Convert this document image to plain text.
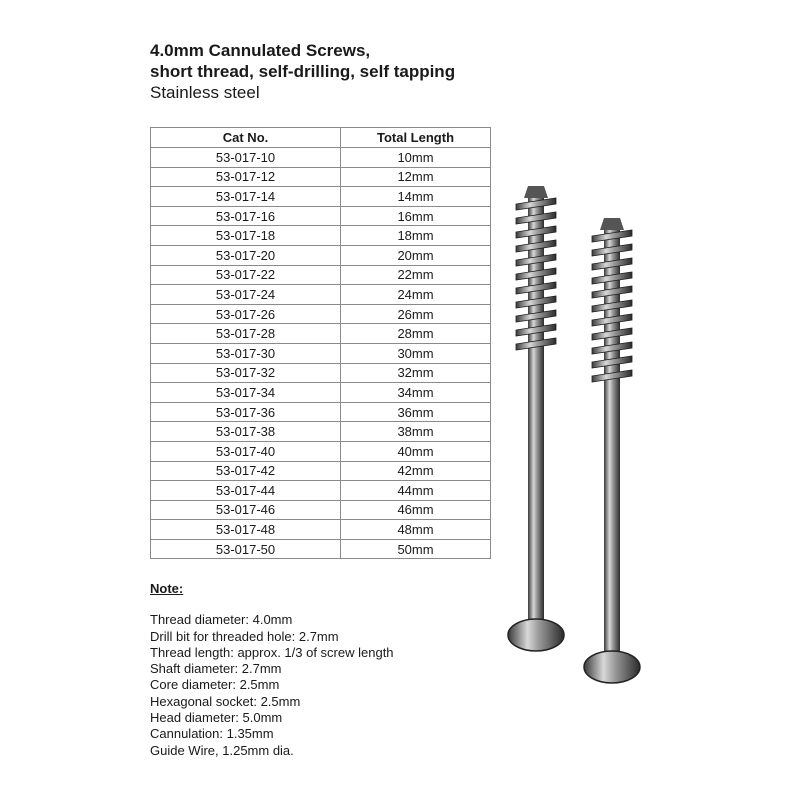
4.0mm Cannulated Screws,
short thread, self-drilling, self tapping
Stainless steel
Cat No.	Total Length
53-017-10	10mm
53-017-12	12mm
53-017-14	14mm
53-017-16	16mm
53-017-18	18mm
53-017-20	20mm
53-017-22	22mm
53-017-24	24mm
53-017-26	26mm
53-017-28	28mm
53-017-30	30mm
53-017-32	32mm
53-017-34	34mm
53-017-36	36mm
53-017-38	38mm
53-017-40	40mm
53-017-42	42mm
53-017-44	44mm
53-017-46	46mm
53-017-48	48mm
53-017-50	50mm
Note:
Thread diameter: 4.0mm
Drill bit for threaded hole: 2.7mm
Thread length: approx. 1/3 of screw length
Shaft diameter: 2.7mm
Core diameter: 2.5mm
Hexagonal socket: 2.5mm
Head diameter: 5.0mm
Cannulation: 1.35mm
Guide Wire, 1.25mm dia.
